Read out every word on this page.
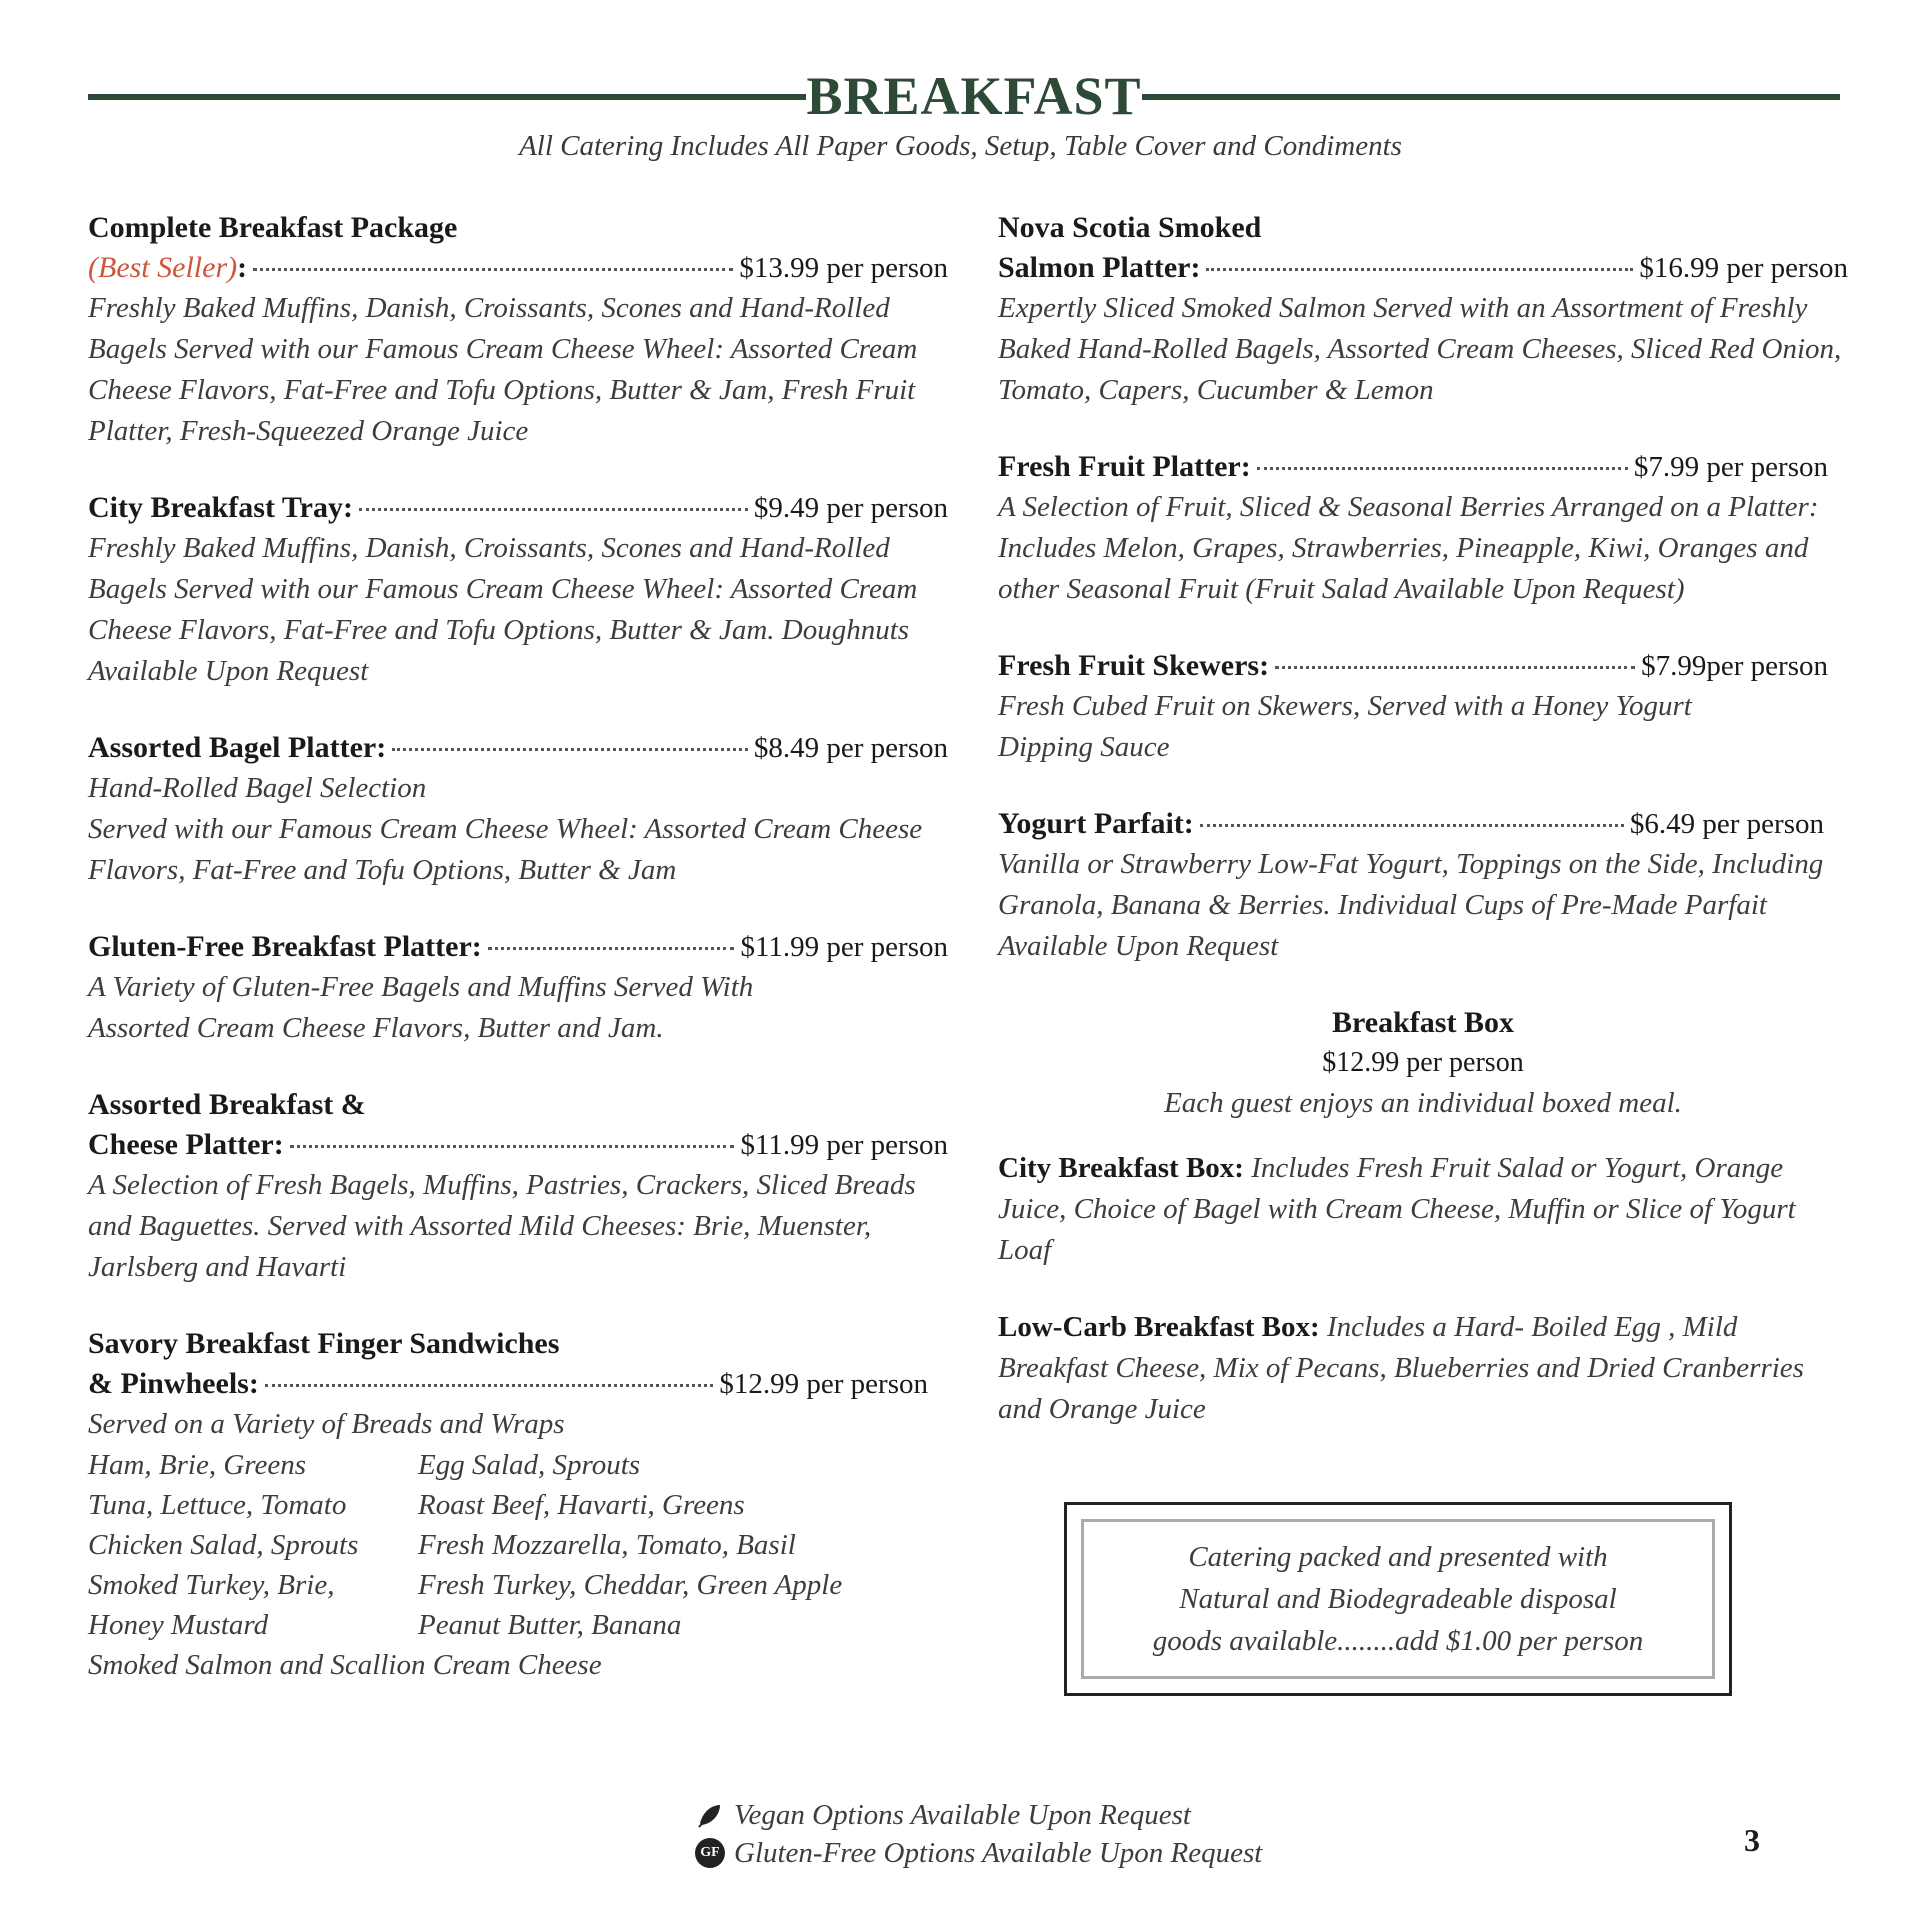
BREAKFAST
All Catering Includes All Paper Goods, Setup, Table Cover and Condiments
Complete Breakfast Package
(Best Seller) :	$13.99 per person
Freshly Baked Muffins, Danish, Croissants, Scones and Hand-Rolled Bagels Served with our Famous Cream Cheese Wheel: Assorted Cream Cheese Flavors, Fat-Free and Tofu Options, Butter & Jam, Fresh Fruit Platter, Fresh-Squeezed Orange Juice
City Breakfast Tray:	$9.49 per person
Freshly Baked Muffins, Danish, Croissants, Scones and Hand-Rolled Bagels Served with our Famous Cream Cheese Wheel: Assorted Cream Cheese Flavors, Fat-Free and Tofu Options, Butter & Jam. Doughnuts Available Upon Request
Assorted Bagel Platter:	$8.49 per person
Hand-Rolled Bagel Selection
Served with our Famous Cream Cheese Wheel: Assorted Cream Cheese Flavors, Fat-Free and Tofu Options, Butter & Jam
Gluten-Free Breakfast Platter:	$11.99 per person
A Variety of Gluten-Free Bagels and Muffins Served With Assorted Cream Cheese Flavors, Butter and Jam.
Assorted Breakfast &
Cheese Platter:	$11.99 per person
A Selection of Fresh Bagels, Muffins, Pastries, Crackers, Sliced Breads and Baguettes. Served with Assorted Mild Cheeses: Brie, Muenster, Jarlsberg and Havarti
Savory Breakfast Finger Sandwiches
& Pinwheels:	$12.99 per person
Served on a Variety of Breads and Wraps
Ham, Brie, Greens	Egg Salad, Sprouts
Tuna, Lettuce, Tomato	Roast Beef, Havarti, Greens
Chicken Salad, Sprouts	Fresh Mozzarella, Tomato, Basil
Smoked Turkey, Brie,	Fresh Turkey, Cheddar, Green Apple
Honey Mustard	Peanut Butter, Banana
Smoked Salmon and Scallion Cream Cheese
Nova Scotia Smoked
Salmon Platter:	$16.99 per person
Expertly Sliced Smoked Salmon Served with an Assortment of Freshly Baked Hand-Rolled Bagels, Assorted Cream Cheeses, Sliced Red Onion, Tomato, Capers, Cucumber & Lemon
Fresh Fruit Platter:	$7.99 per person
A Selection of Fruit, Sliced & Seasonal Berries Arranged on a Platter: Includes Melon, Grapes, Strawberries, Pineapple, Kiwi, Oranges and other Seasonal Fruit (Fruit Salad Available Upon Request)
Fresh Fruit Skewers:	$7.99per person
Fresh Cubed Fruit on Skewers, Served with a Honey Yogurt Dipping Sauce
Yogurt Parfait:	$6.49 per person
Vanilla or Strawberry Low-Fat Yogurt, Toppings on the Side, Including Granola, Banana & Berries. Individual Cups of Pre-Made Parfait Available Upon Request
Breakfast Box
$12.99 per person
Each guest enjoys an individual boxed meal.
City Breakfast Box: Includes Fresh Fruit Salad or Yogurt, Orange Juice, Choice of Bagel with Cream Cheese, Muffin or Slice of Yogurt Loaf
Low-Carb Breakfast Box: Includes a Hard- Boiled Egg , Mild Breakfast Cheese, Mix of Pecans, Blueberries and Dried Cranberries and Orange Juice
Catering packed and presented with
Natural and Biodegradeable disposal
goods available........add $1.00 per person
Vegan Options Available Upon Request
GF Gluten-Free Options Available Upon Request	3
